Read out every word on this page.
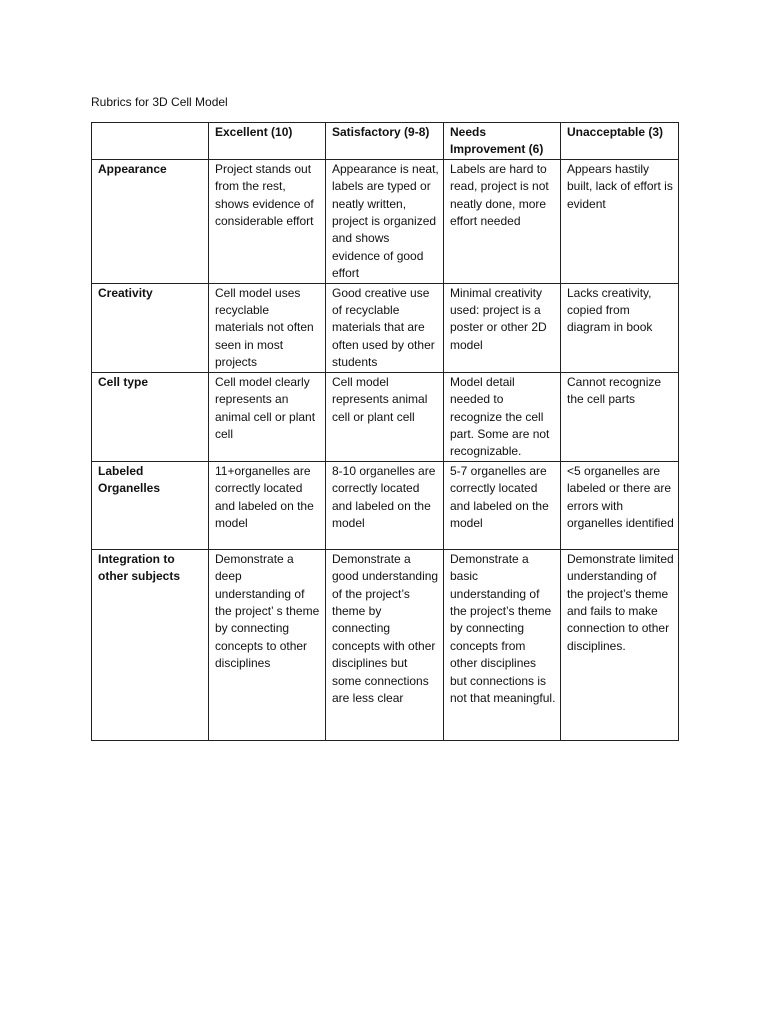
Rubrics for 3D Cell Model
	Excellent (10)	Satisfactory (9-8)	Needs Improvement (6)	Unacceptable (3)
Appearance	Project stands out from the rest, shows evidence of considerable effort	Appearance is neat, labels are typed or neatly written, project is organized and shows evidence of good effort	Labels are hard to read, project is not neatly done, more effort needed	Appears hastily built, lack of effort is evident
Creativity	Cell model uses recyclable materials not often seen in most projects	Good creative use of recyclable materials that are often used by other students	Minimal creativity used: project is a poster or other 2D model	Lacks creativity, copied from diagram in book
Cell type	Cell model clearly represents an animal cell or plant cell	Cell model represents animal cell or plant cell	Model detail needed to recognize the cell part. Some are not recognizable.	Cannot recognize the cell parts
Labeled Organelles	11+organelles are correctly located and labeled on the model	8-10 organelles are correctly located and labeled on the model	5-7 organelles are correctly located and labeled on the model	<5 organelles are labeled or there are errors with organelles identified
Integration to other subjects	Demonstrate a deep understanding of the project’ s theme by connecting concepts to other disciplines	Demonstrate a good understanding of the project’s theme by connecting concepts with other disciplines but some connections are less clear	Demonstrate a basic understanding of the project’s theme by connecting concepts from other disciplines but connections is not that meaningful.	Demonstrate limited understanding of the project’s theme and fails to make connection to other disciplines.
